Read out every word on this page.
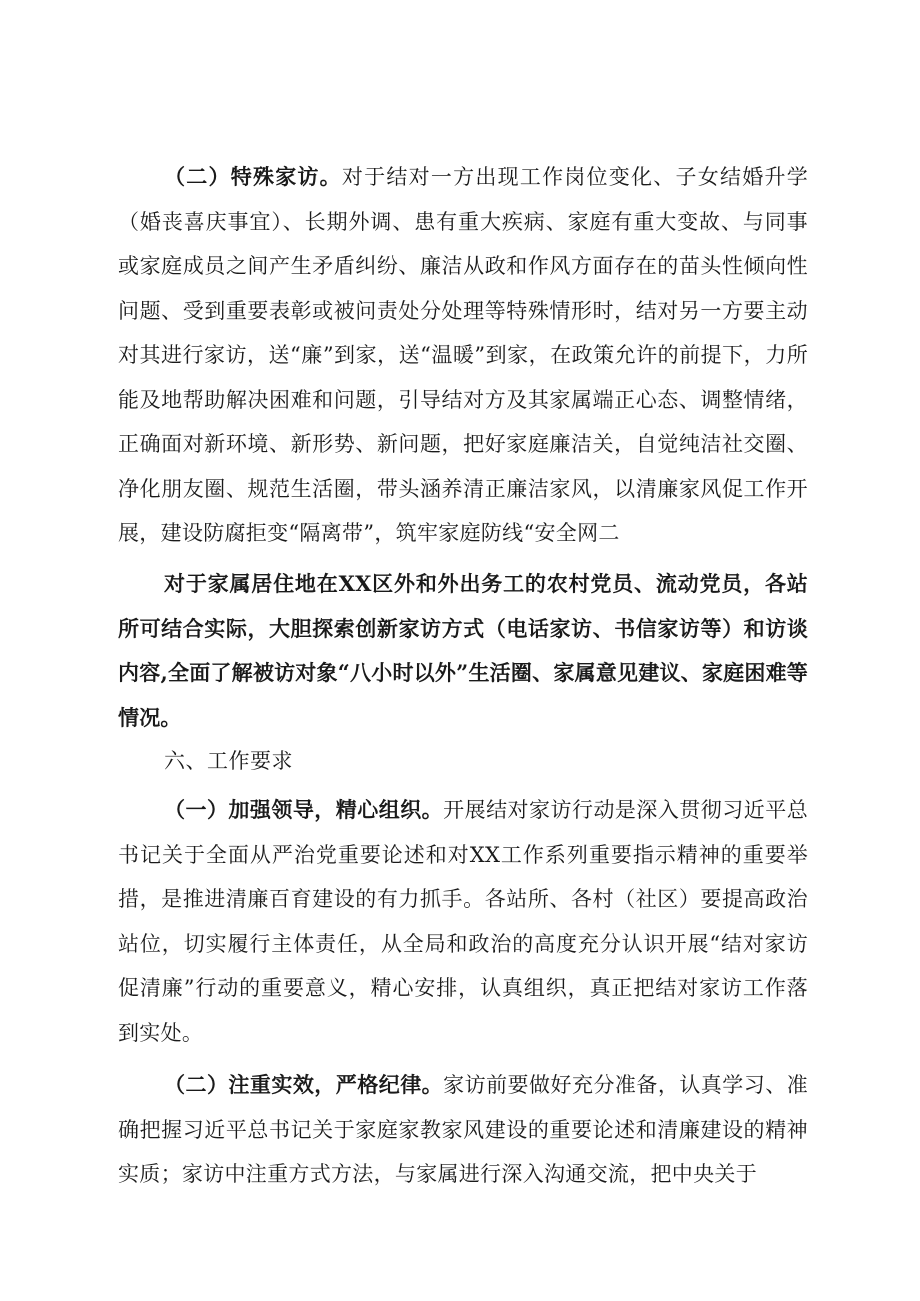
（二）特殊家访。对于结对一方出现工作岗位变化、子女结婚升学（婚丧喜庆事宜）、长期外调、患有重大疾病、家庭有重大变故、与同事或家庭成员之间产生矛盾纠纷、廉洁从政和作风方面存在的苗头性倾向性问题、受到重要表彰或被问责处分处理等特殊情形时，结对另一方要主动对其进行家访，送“廉”到家，送“温暖”到家，在政策允许的前提下，力所能及地帮助解决困难和问题，引导结对方及其家属端正心态、调整情绪，正确面对新环境、新形势、新问题，把好家庭廉洁关，自觉纯洁社交圈、净化朋友圈、规范生活圈，带头涵养清正廉洁家风，以清廉家风促工作开展，建设防腐拒变“隔离带”，筑牢家庭防线“安全网二

对于家属居住地在XX区外和外出务工的农村党员、流动党员，各站所可结合实际，大胆探索创新家访方式（电话家访、书信家访等）和访谈内容,全面了解被访对象“八小时以外”生活圈、家属意见建议、家庭困难等情况。

六、工作要求

（一）加强领导，精心组织。开展结对家访行动是深入贯彻习近平总书记关于全面从严治党重要论述和对XX工作系列重要指示精神的重要举措，是推进清廉百育建设的有力抓手。各站所、各村（社区）要提高政治站位，切实履行主体责任，从全局和政治的高度充分认识开展“结对家访促清廉”行动的重要意义，精心安排，认真组织，真正把结对家访工作落到实处。

（二）注重实效，严格纪律。家访前要做好充分准备，认真学习、准确把握习近平总书记关于家庭家教家风建设的重要论述和清廉建设的精神实质；家访中注重方式方法，与家属进行深入沟通交流，把中央关于
